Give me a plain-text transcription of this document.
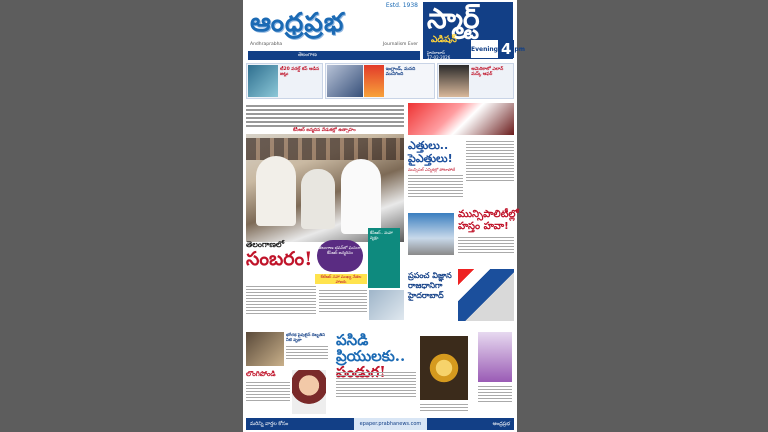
Estd. 1938
ఆంధ్రప్రభ
Andhraprabha	Journalism Ever
తెలంగాణ
స్మార్ట్
ఎడిషన్
హైదరాబాద్
17-02-2026
Evening 4 pm
టీ20 వరల్డ్ కప్ ఆడిన జట్లు
ఇంగ్లాండ్, మనది మునిగింది
అమెరికాలో ఎలాన్ మస్క్ ఆఫర్
కేసీఆర్ జన్మదిన వేడుకల్లో ఉత్సాహం
తెలంగాణలో
సంబరం!
తెలంగాణ భవన్‌లో ఘనంగా కేసీఆర్ జన్మదినం
కేసీఆర్.. మహా వృక్షం
కేటీఆర్ సహా ముఖ్య నేతల హాజరు
ఎత్తులు.. పైఎత్తులు!
మున్సిపల్ ఎన్నికల్లో పోటాపోటీ
మున్సిపాలిటీల్లో
హస్తం హవా!
ప్రపంచ విజ్ఞాన రాజధానిగా హైదరాబాద్
భగీరథ పైపులైన్ దెబ్బతిని నీటి వృథా
లొంగిపోండి
పసిడి ప్రియులకు..
మరిన్ని వార్తల కోసం	epaper.prabhanews.com	ఆంధ్రప్రభ
